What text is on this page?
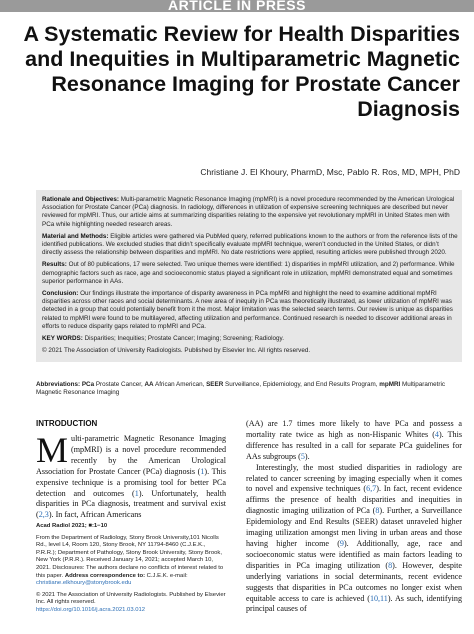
ARTICLE IN PRESS
A Systematic Review for Health Disparities and Inequities in Multiparametric Magnetic Resonance Imaging for Prostate Cancer Diagnosis
Christiane J. El Khoury, PharmD, Msc, Pablo R. Ros, MD, MPH, PhD

Rationale and Objectives: Multi-parametric Magnetic Resonance Imaging (mpMRI) is a novel procedure recommended by the American Urological Association for Prostate Cancer (PCa) diagnosis. In radiology, differences in utilization of expensive screening techniques are described but never reviewed for mpMRI. Thus, our article aims at summarizing disparities relating to the expensive yet revolutionary mpMRI in United States men with PCa while highlighting needed research areas.

Material and Methods: Eligible articles were gathered via PubMed query, referred publications known to the authors or from the reference lists of the identified publications. We excluded studies that didn’t specifically evaluate mpMRI technique, weren’t conducted in the United States, or didn’t directly assess the relationship between disparities and mpMRI. No date restrictions were applied, resulting articles were published through 2020.

Results: Out of 80 publications, 17 were selected. Two unique themes were identified: 1) disparities in mpMRI utilization, and 2) performance. While demographic factors such as race, age and socioeconomic status played a significant role in utilization, mpMRI demonstrated equal and sometimes superior performance in AAs.

Conclusion: Our findings illustrate the importance of disparity awareness in PCa mpMRI and highlight the need to examine additional mpMRI disparities across other races and social determinants. A new area of inequity in PCa was theoretically illustrated, as lower utilization of mpMRI was detected in a group that could potentially benefit from it the most. Major limitation was the selected search terms. Our review is unique as disparities related to mpMRI were found to be multilayered, affecting utilization and performance. Continued research is needed to discover additional areas in efforts to reduce disparity gaps related to mpMRI and PCa.

KEY WORDS: Disparities; Inequities; Prostate Cancer; Imaging; Screening; Radiology.

© 2021 The Association of University Radiologists. Published by Elsevier Inc. All rights reserved.

Abbreviations: PCa Prostate Cancer, AA African American, SEER Surveillance, Epidemiology, and End Results Program, mpMRI Multiparametric Magnetic Resonance Imaging
INTRODUCTION

Multi-parametric Magnetic Resonance Imaging (mpMRI) is a novel procedure recommended recently by the American Urological Association for Prostate Cancer (PCa) diagnosis (1). This expensive technique is a promising tool for better PCa detection and outcomes (1). Unfortunately, health disparities in PCa diagnosis, treatment and survival exist (2,3). In fact, African Americans

Acad Radiol 2021; ■:1−10

From the Department of Radiology, Stony Brook University,101 Nicolls Rd., level L4, Room 120, Stony Brook, NY 11794-8460 (C.J.E.K., P.R.R.); Department of Pathology, Stony Brook University, Stony Brook, New York (P.R.R.). Received January 14, 2021; accepted March 10, 2021. Disclosures: The authors declare no conflicts of interest related to this paper. Address correspondence to: C.J.E.K. e-mail: christiane.elkhoury@stonybrook.edu

© 2021 The Association of University Radiologists. Published by Elsevier Inc. All rights reserved.
https://doi.org/10.1016/j.acra.2021.03.012

(AA) are 1.7 times more likely to have PCa and possess a mortality rate twice as high as non-Hispanic Whites (4). This difference has resulted in a call for separate PCa guidelines for AAs subgroups (5).

Interestingly, the most studied disparities in radiology are related to cancer screening by imaging especially when it comes to novel and expensive techniques (6,7). In fact, recent evidence affirms the presence of health disparities and inequities in diagnostic imaging utilization of PCa (8). Further, a Surveillance Epidemiology and End Results (SEER) dataset unraveled higher imaging utilization amongst men living in urban areas and those having higher income (9). Additionally, age, race and socioeconomic status were identified as main factors leading to disparities in PCa imaging utilization (8). However, despite underlying variations in social determinants, recent evidence suggests that disparities in PCa outcomes no longer exist when equitable access to care is achieved (10,11). As such, identifying principal causes of
